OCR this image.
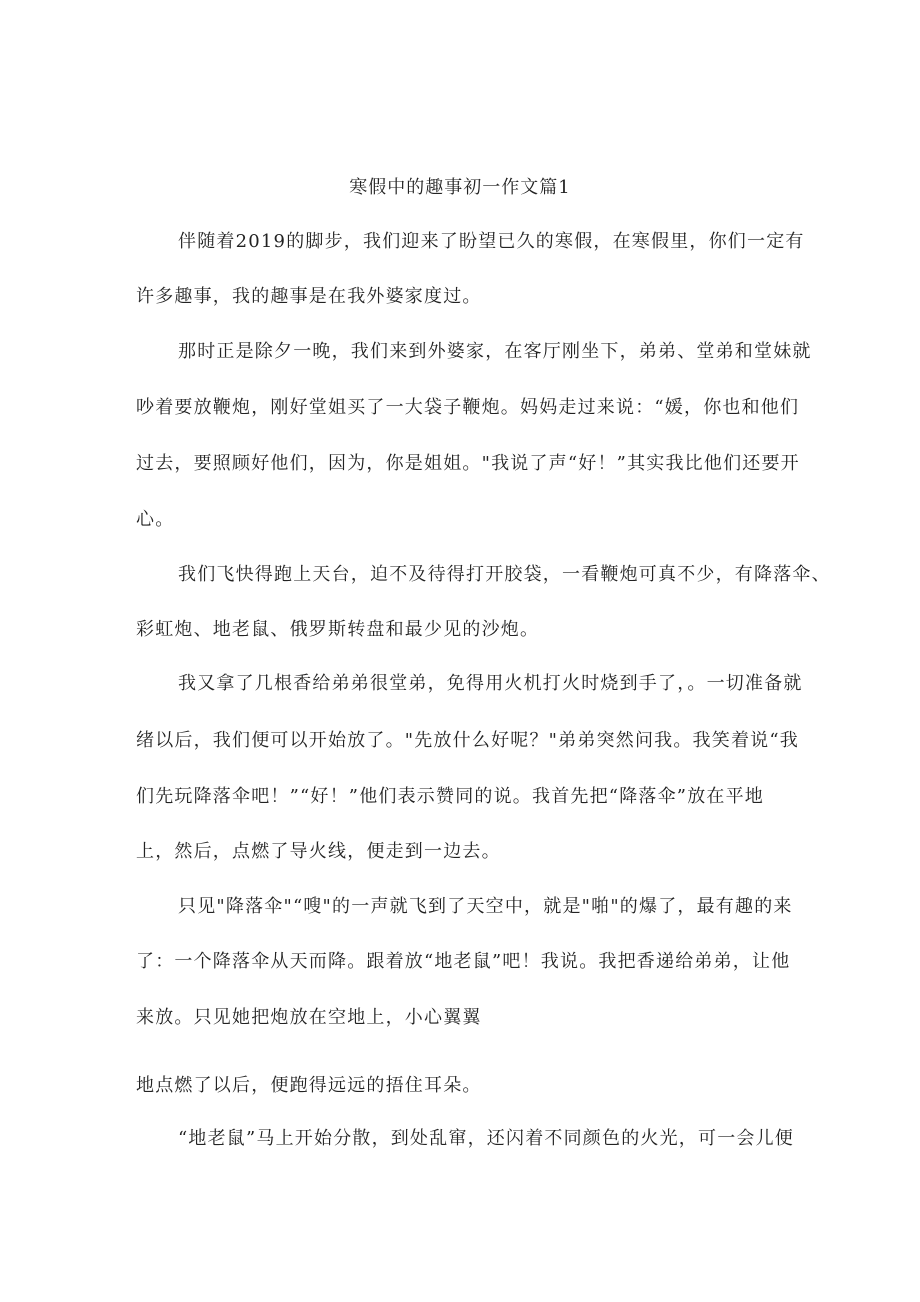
寒假中的趣事初一作文篇1
伴随着2019的脚步，我们迎来了盼望已久的寒假，在寒假里，你们一定有
许多趣事，我的趣事是在我外婆家度过。
那时正是除夕一晚，我们来到外婆家，在客厅刚坐下，弟弟、堂弟和堂妹就
吵着要放鞭炮，刚好堂姐买了一大袋子鞭炮。妈妈走过来说：“媛，你也和他们
过去，要照顾好他们，因为，你是姐姐。"我说了声“好！”其实我比他们还要开
心。
我们飞快得跑上天台，迫不及待得打开胶袋，一看鞭炮可真不少，有降落伞、
彩虹炮、地老鼠、俄罗斯转盘和最少见的沙炮。
我又拿了几根香给弟弟很堂弟，免得用火机打火时烧到手了，。一切准备就
绪以后，我们便可以开始放了。"先放什么好呢？"弟弟突然问我。我笑着说“我
们先玩降落伞吧！”“好！”他们表示赞同的说。我首先把“降落伞”放在平地
上，然后，点燃了导火线，便走到一边去。
只见"降落伞"“嗖"的一声就飞到了天空中，就是"啪"的爆了，最有趣的来
了：一个降落伞从天而降。跟着放“地老鼠”吧！我说。我把香递给弟弟，让他
来放。只见她把炮放在空地上，小心翼翼
地点燃了以后，便跑得远远的捂住耳朵。
“地老鼠”马上开始分散，到处乱窜，还闪着不同颜色的火光，可一会儿便
